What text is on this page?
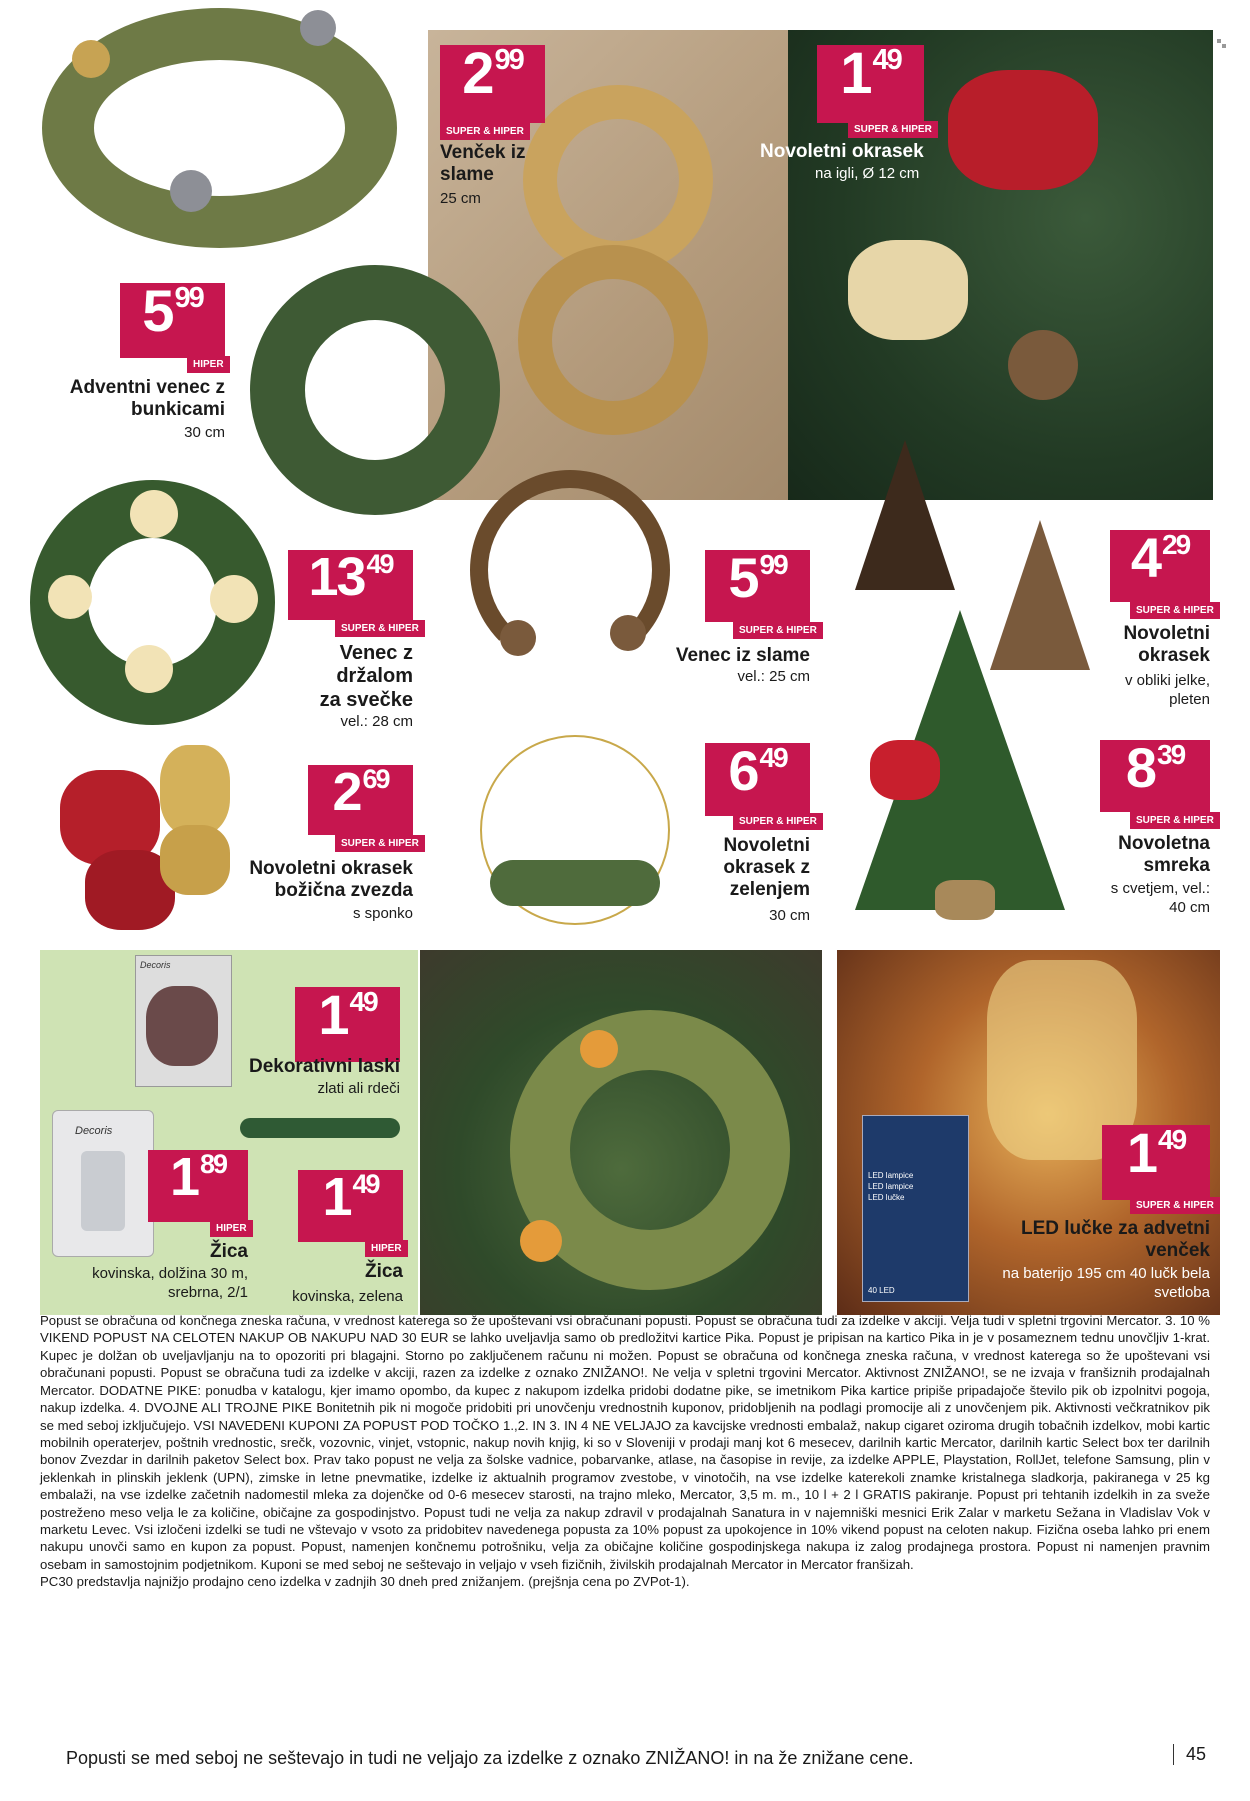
Decoris
Decoris
LED lampice
LED lampice
LED lučke
40 LED
2 99
SUPER & HIPER
Venček iz slame
25 cm
1 49
SUPER & HIPER
Novoletni okrasek
na igli, Ø 12 cm
5 99
HIPER
Adventni venec z bunkicami
30 cm
13 49
SUPER & HIPER
Venec z držalom za svečke
vel.: 28 cm
5 99
SUPER & HIPER
Venec iz slame
vel.: 25 cm
4 29
SUPER & HIPER
Novoletni okrasek
v obliki jelke, pleten
2 69
SUPER & HIPER
Novoletni okrasek božična zvezda
s sponko
6 49
SUPER & HIPER
Novoletni okrasek z zelenjem
30 cm
8 39
SUPER & HIPER
Novoletna smreka
s cvetjem, vel.: 40 cm
1 49
Dekorativni laski
zlati ali rdeči
1 89
HIPER
Žica
kovinska, dolžina 30 m, srebrna, 2/1
1 49
HIPER
Žica
kovinska, zelena
1 49
SUPER & HIPER
LED lučke za advetni venček
na baterijo 195 cm 40 lučk bela svetloba

Popust se obračuna od končnega zneska računa, v vrednost katerega so že upoštevani vsi obračunani popusti. Popust se obračuna tudi za izdelke v akciji. Velja tudi v spletni trgovini Mercator. 3. 10 % VIKEND POPUST NA CELOTEN NAKUP OB NAKUPU NAD 30 EUR se lahko uveljavlja samo ob predložitvi kartice Pika. Popust je pripisan na kartico Pika in je v posameznem tednu unovčljiv 1-krat. Kupec je dolžan ob uveljavljanju na to opozoriti pri blagajni. Storno po zaključenem računu ni možen. Popust se obračuna od končnega zneska računa, v vrednost katerega so že upoštevani vsi obračunani popusti. Popust se obračuna tudi za izdelke v akciji, razen za izdelke z oznako ZNIŽANO!. Ne velja v spletni trgovini Mercator. Aktivnost ZNIŽANO!, se ne izvaja v franšiznih prodajalnah Mercator. DODATNE PIKE: ponudba v katalogu, kjer imamo opombo, da kupec z nakupom izdelka pridobi dodatne pike, se imetnikom Pika kartice pripiše pripadajoče število pik ob izpolnitvi pogoja, nakup izdelka. 4. DVOJNE ALI TROJNE PIKE Bonitetnih pik ni mogoče pridobiti pri unovčenju vrednostnih kuponov, pridobljenih na podlagi promocije ali z unovčenjem pik. Aktivnosti večkratnikov pik se med seboj izključujejo. VSI NAVEDENI KUPONI ZA POPUST POD TOČKO 1.,2. IN 3. IN 4 NE VELJAJO za kavcijske vrednosti embalaž, nakup cigaret oziroma drugih tobačnih izdelkov, mobi kartic mobilnih operaterjev, poštnih vrednostic, srečk, vozovnic, vinjet, vstopnic, nakup novih knjig, ki so v Sloveniji v prodaji manj kot 6 mesecev, darilnih kartic Mercator, darilnih kartic Select box ter darilnih bonov Zvezdar in darilnih paketov Select box. Prav tako popust ne velja za šolske vadnice, pobarvanke, atlase, na časopise in revije, za izdelke APPLE, Playstation, RollJet, telefone Samsung, plin v jeklenkah in plinskih jeklenk (UPN), zimske in letne pnevmatike, izdelke iz aktualnih programov zvestobe, v vinotočih, na vse izdelke katerekoli znamke kristalnega sladkorja, pakiranega v 25 kg embalaži, na vse izdelke začetnih nadomestil mleka za dojenčke od 0-6 mesecev starosti, na trajno mleko, Mercator, 3,5 m. m., 10 l + 2 l GRATIS pakiranje. Popust pri tehtanih izdelkih in za sveže postreženo meso velja le za količine, običajne za gospodinjstvo. Popust tudi ne velja za nakup zdravil v prodajalnah Sanatura in v najemniški mesnici Erik Zalar v marketu Sežana in Vladislav Vok v marketu Levec. Vsi izločeni izdelki se tudi ne vštevajo v vsoto za pridobitev navedenega popusta za 10% popust za upokojence in 10% vikend popust na celoten nakup. Fizična oseba lahko pri enem nakupu unovči samo en kupon za popust. Popust, namenjen končnemu potrošniku, velja za običajne količine gospodinjskega nakupa iz zalog prodajnega prostora. Popust ni namenjen pravnim osebam in samostojnim podjetnikom. Kuponi se med seboj ne seštevajo in veljajo v vseh fizičnih, živilskih prodajalnah Mercator in Mercator franšizah.

PC30 predstavlja najnižjo prodajno ceno izdelka v zadnjih 30 dneh pred znižanjem. (prejšnja cena po ZVPot-1).

Popusti se med seboj ne seštevajo in tudi ne veljajo za izdelke z oznako ZNIŽANO! in na že znižane cene.	45
